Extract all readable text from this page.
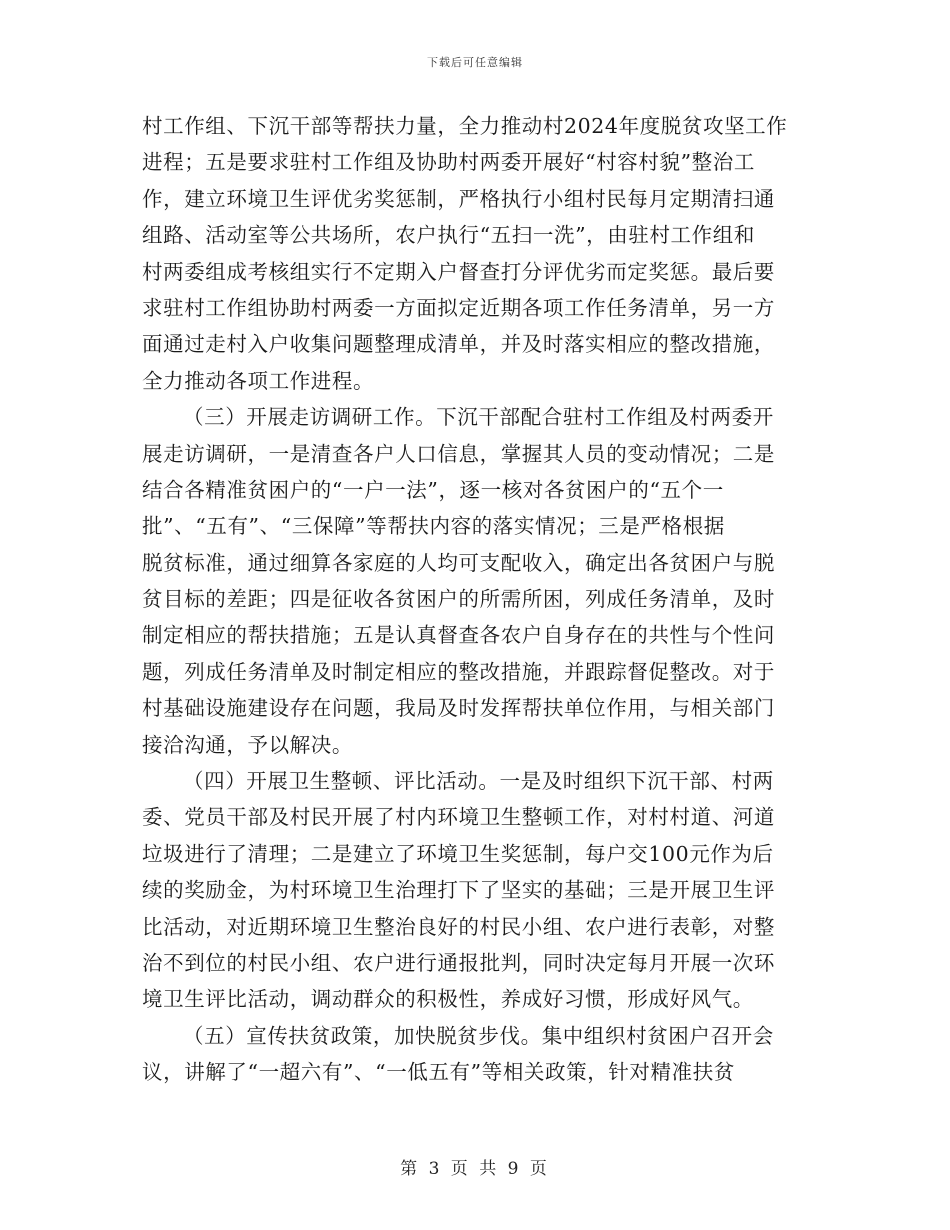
下载后可任意编辑
村工作组、下沉干部等帮扶力量，全力推动村2024年度脱贫攻坚工作
进程；五是要求驻村工作组及协助村两委开展好“村容村貌”整治工
作，建立环境卫生评优劣奖惩制，严格执行小组村民每月定期清扫通
组路、活动室等公共场所，农户执行“五扫一洗”，由驻村工作组和
村两委组成考核组实行不定期入户督查打分评优劣而定奖惩。最后要
求驻村工作组协助村两委一方面拟定近期各项工作任务清单，另一方
面通过走村入户收集问题整理成清单，并及时落实相应的整改措施，
全力推动各项工作进程。
（三）开展走访调研工作。下沉干部配合驻村工作组及村两委开
展走访调研，一是清查各户人口信息，掌握其人员的变动情况；二是
结合各精准贫困户的“一户一法”，逐一核对各贫困户的“五个一
批”、“五有”、“三保障”等帮扶内容的落实情况；三是严格根据
脱贫标准，通过细算各家庭的人均可支配收入，确定出各贫困户与脱
贫目标的差距；四是征收各贫困户的所需所困，列成任务清单，及时
制定相应的帮扶措施；五是认真督查各农户自身存在的共性与个性问
题，列成任务清单及时制定相应的整改措施，并跟踪督促整改。对于
村基础设施建设存在问题，我局及时发挥帮扶单位作用，与相关部门
接洽沟通，予以解决。
（四）开展卫生整顿、评比活动。一是及时组织下沉干部、村两
委、党员干部及村民开展了村内环境卫生整顿工作，对村村道、河道
垃圾进行了清理；二是建立了环境卫生奖惩制，每户交100元作为后
续的奖励金，为村环境卫生治理打下了坚实的基础；三是开展卫生评
比活动，对近期环境卫生整治良好的村民小组、农户进行表彰，对整
治不到位的村民小组、农户进行通报批判，同时决定每月开展一次环
境卫生评比活动，调动群众的积极性，养成好习惯，形成好风气。
（五）宣传扶贫政策，加快脱贫步伐。集中组织村贫困户召开会
议，讲解了“一超六有”、“一低五有”等相关政策，针对精准扶贫
第 3 页 共 9 页
